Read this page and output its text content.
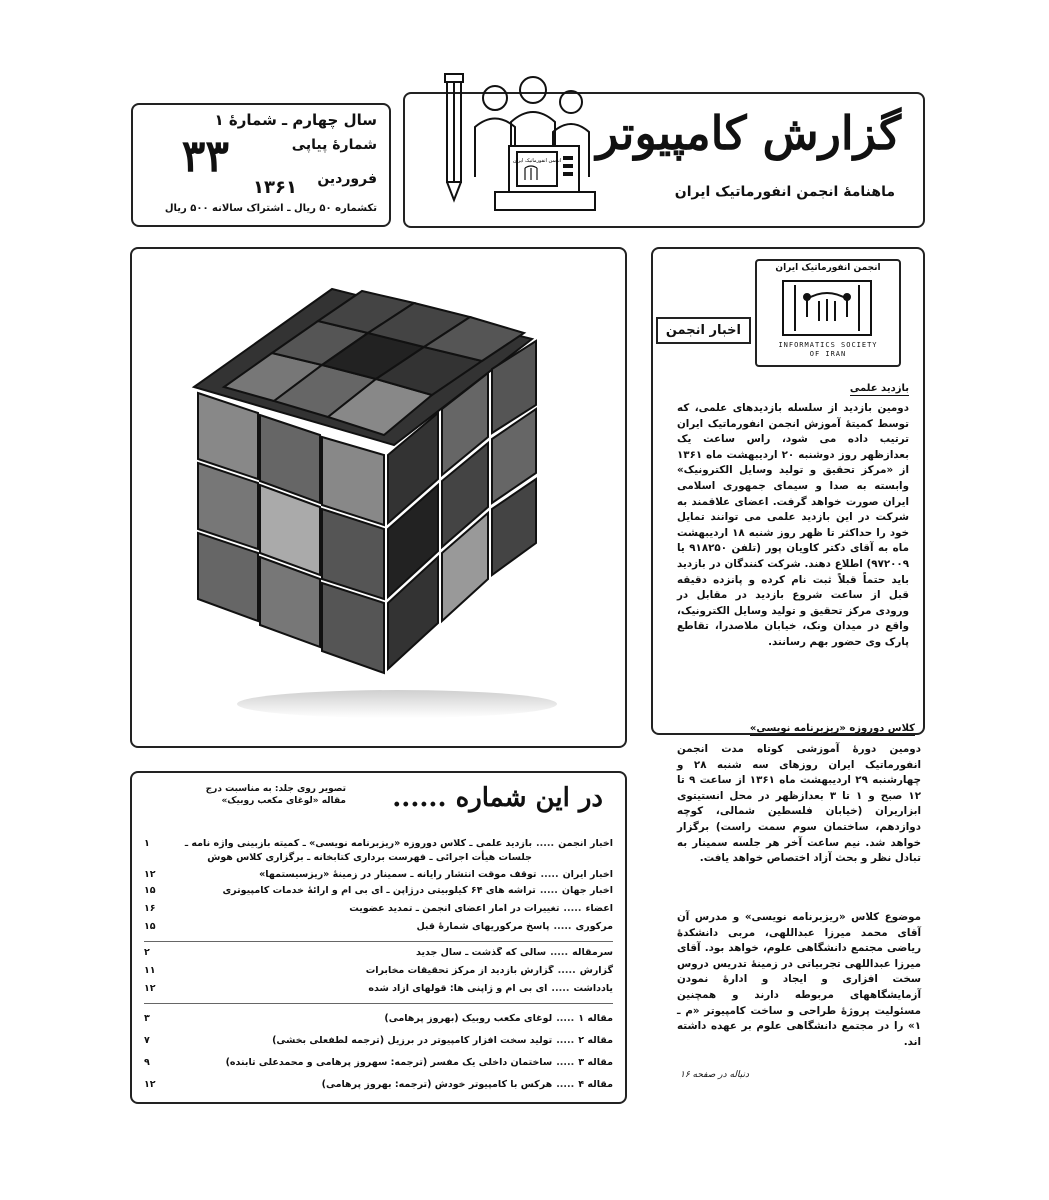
سال چهارم ـ شمارهٔ ۱
شمارهٔ پیاپی
۳۳	فروردین
۱۳۶۱
تکشماره ۵۰ ریال ـ اشتراک سالانه ۵۰۰ ریال
گزارش کامپیوتر
ماهنامهٔ انجمن انفورماتیک ایران
انجمن انفورماتیک ایران
انجمن انفورماتیک ایران
INFORMATICS SOCIETY
OF IRAN
اخبار انجمن
بازدید علمی
دومین بازدید از سلسله بازدیدهای علمی، که توسط کمیتهٔ آموزش انجمن انفورماتیک ایران ترتیب داده می شود، راس ساعت یک بعدازظهر روز دوشنبه ۲۰ اردیبهشت ماه ۱۳۶۱ از «مرکز تحقیق و تولید وسایل الکترونیک» وابسته به صدا و سیمای جمهوری اسلامی ایران صورت خواهد گرفت. اعضای علاقمند به شرکت در این بازدید علمی می توانند تمایل خود را حداکثر تا ظهر روز شنبه ۱۸ اردیبهشت ماه به آقای دکتر کاویان پور (تلفن ۹۱۸۲۵۰ یا ۹۷۲۰۰۹) اطلاع دهند. شرکت کنندگان در بازدید باید حتماً قبلاً ثبت نام کرده و پانزده دقیقه قبل از ساعت شروع بازدید در مقابل در ورودی مرکز تحقیق و تولید وسایل الکترونیک، واقع در میدان ونک، خیابان ملاصدرا، تقاطع پارک وی حضور بهم رسانند.
کلاس دوروزه «ریزبرنامه نویسی»
دومین دورهٔ آموزشی کوتاه مدت انجمن انفورماتیک ایران روزهای سه شنبه ۲۸ و چهارشنبه ۲۹ اردیبهشت ماه ۱۳۶۱ از ساعت ۹ تا ۱۲ صبح و ۱ تا ۳ بعدازظهر در محل انستیتوی ابزاریران (خیابان فلسطین شمالی، کوچه دوازدهم، ساختمان سوم سمت راست) برگزار خواهد شد. نیم ساعت آخر هر جلسه سمینار به تبادل نظر و بحث آزاد اختصاص خواهد یافت.
موضوع کلاس «ریزبرنامه نویسی» و مدرس آن آقای محمد میرزا عبداللهی، مربی دانشکدهٔ ریاضی مجتمع دانشگاهی علوم، خواهد بود. آقای میرزا عبداللهی تجربیاتی در زمینهٔ تدریس دروس سخت افزاری و ایجاد و ادارهٔ نمودن آزمایشگاههای مربوطه دارند و همچنین مسئولیت پروژهٔ طراحی و ساخت کامپیوتر «م ـ ۱» را در مجتمع دانشگاهی علوم بر عهده داشته اند.
دنباله در صفحه ۱۶
در این شماره ......
تصویر روی جلد: به مناسبت درج مقاله «لوغای مکعب روبیک»
اخبار انجمن
.....
بازدید علمی ـ کلاس دوروزه «ریزبرنامه نویسی» ـ کمیته بازبینی واژه نامه ـ جلسات هیأت اجرائی ـ فهرست برداری کتابخانه ـ برگزاری کلاس هوش
۱
اخبار ایران
.....
توقف موقت انتشار رایانه ـ سمینار در زمینهٔ «ریزسیستمها»
۱۲
اخبار جهان
.....
تراشه های ۶۴ کیلوبیتی درژاپن ـ آی بی ام و ارائهٔ خدمات کامپیوتری
۱۵
اعضاء
.....
تغییرات در آمار اعضای انجمن ـ تمدید عضویت
۱۶
مرکوری
.....
پاسخ مرکوریهای شمارهٔ قبل
۱۵
سرمقاله
.....
سالی که گذشت ـ سال جدید
۲
گزارش
.....
گزارش بازدید از مرکز تحقیقات مخابرات
۱۱
یادداشت
.....
آی بی ام و ژاپنی ها: قولهای آزاد شده
۱۲
مقاله ۱
.....
لوغای مکعب روبیک (بهروز پرهامی)
۳
مقاله ۲
.....
تولید سخت افزار کامپیوتر در برزیل (ترجمه لطفعلی بخشی)
۷
مقاله ۳
.....
ساختمان داخلی یک مفسر (ترجمه: سهروز پرهامی و محمدعلی تابنده)
۹
مقاله ۴
.....
هرکس با کامپیوتر خودش (ترجمه: بهروز پرهامی)
۱۲
